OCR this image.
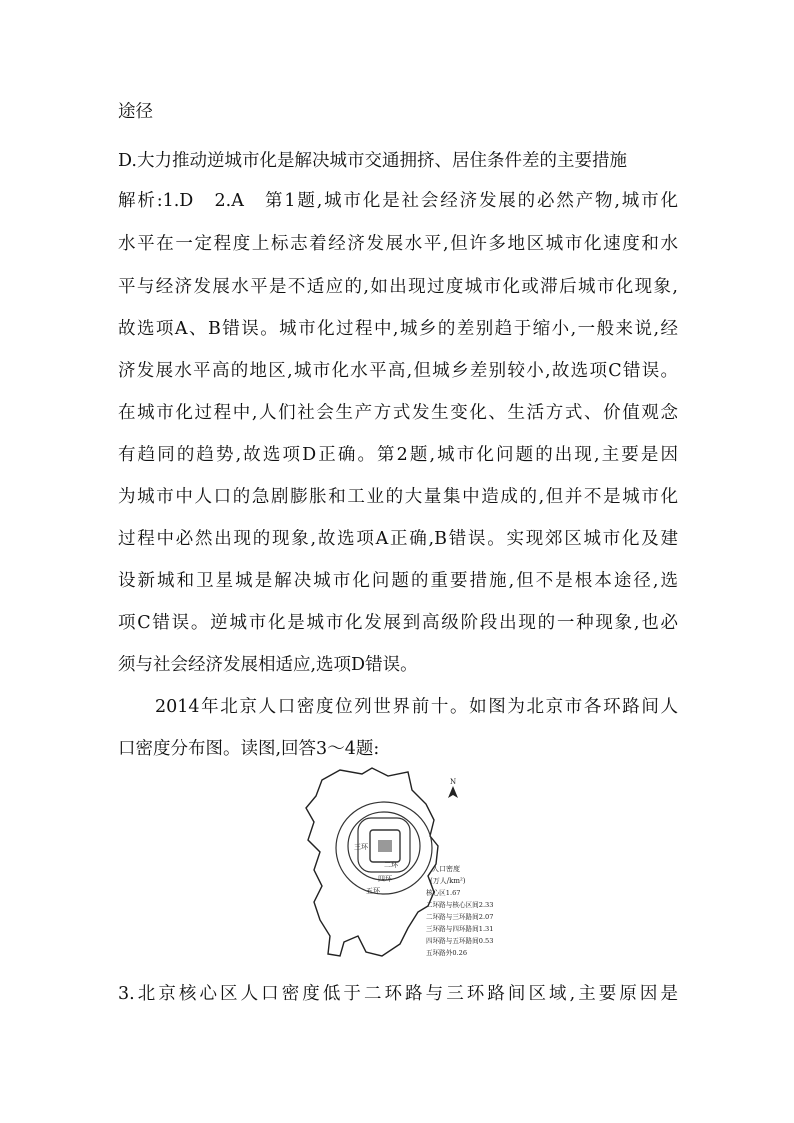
途径
D.大力推动逆城市化是解决城市交通拥挤、居住条件差的主要措施
解析:1.D　2.A　第1题,城市化是社会经济发展的必然产物,城市化
水平在一定程度上标志着经济发展水平,但许多地区城市化速度和水
平与经济发展水平是不适应的,如出现过度城市化或滞后城市化现象,
故选项A、B错误。城市化过程中,城乡的差别趋于缩小,一般来说,经
济发展水平高的地区,城市化水平高,但城乡差别较小,故选项C错误。
在城市化过程中,人们社会生产方式发生变化、生活方式、价值观念
有趋同的趋势,故选项D正确。第2题,城市化问题的出现,主要是因
为城市中人口的急剧膨胀和工业的大量集中造成的,但并不是城市化
过程中必然出现的现象,故选项A正确,B错误。实现郊区城市化及建
设新城和卫星城是解决城市化问题的重要措施,但不是根本途径,选
项C错误。逆城市化是城市化发展到高级阶段出现的一种现象,也必
须与社会经济发展相适应,选项D错误。
2014年北京人口密度位列世界前十。如图为北京市各环路间人
口密度分布图。读图,回答3～4题:
三环
二环
四环
五环
N
人口密度
(万人/km²)
核心区1.67
二环路与核心区间2.33
二环路与三环路间2.07
三环路与四环路间1.31
四环路与五环路间0.53
五环路外0.26
3.北京核心区人口密度低于二环路与三环路间区域,主要原因是
